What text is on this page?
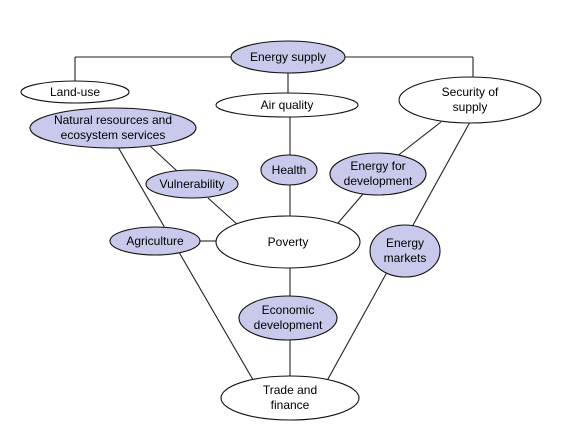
Energy supply
Land-use
Air quality
Security of supply
Natural resources and ecosystem services
Health	Energy for development
Vulnerability
Agriculture	Poverty	Energy markets
Economic development
Trade and finance
